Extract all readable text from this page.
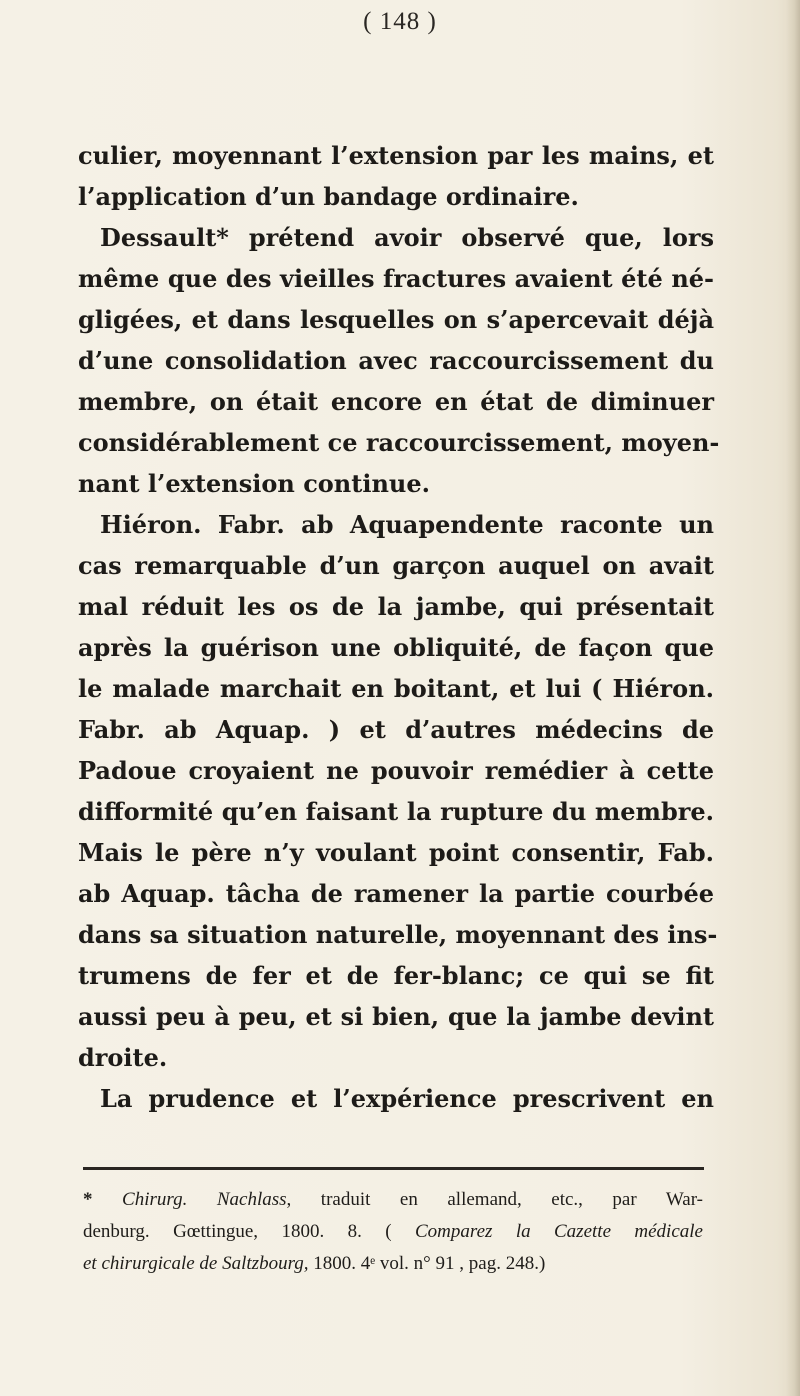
( 148 )
culier, moyennant l’extension par les mains, et
l’application d’un bandage ordinaire.
Dessault* prétend avoir observé que, lors
même que des vieilles fractures avaient été né-
gligées, et dans lesquelles on s’apercevait déjà
d’une consolidation avec raccourcissement du
membre, on était encore en état de diminuer
considérablement ce raccourcissement, moyen-
nant l’extension continue.
Hiéron. Fabr. ab Aquapendente raconte un
cas remarquable d’un garçon auquel on avait
mal réduit les os de la jambe, qui présentait
après la guérison une obliquité, de façon que
le malade marchait en boitant, et lui ( Hiéron.
Fabr. ab Aquap. ) et d’autres médecins de
Padoue croyaient ne pouvoir remédier à cette
difformité qu’en faisant la rupture du membre.
Mais le père n’y voulant point consentir, Fab.
ab Aquap. tâcha de ramener la partie courbée
dans sa situation naturelle, moyennant des ins-
trumens de fer et de fer-blanc; ce qui se fit
aussi peu à peu, et si bien, que la jambe devint
droite.
La prudence et l’expérience prescrivent en
* Chirurg. Nachlass, traduit en allemand, etc., par War-
denburg. Gœttingue, 1800. 8. ( Comparez la Cazette médicale
et chirurgicale de Saltzbourg, 1800. 4ᵉ vol. n° 91 , pag. 248.)
